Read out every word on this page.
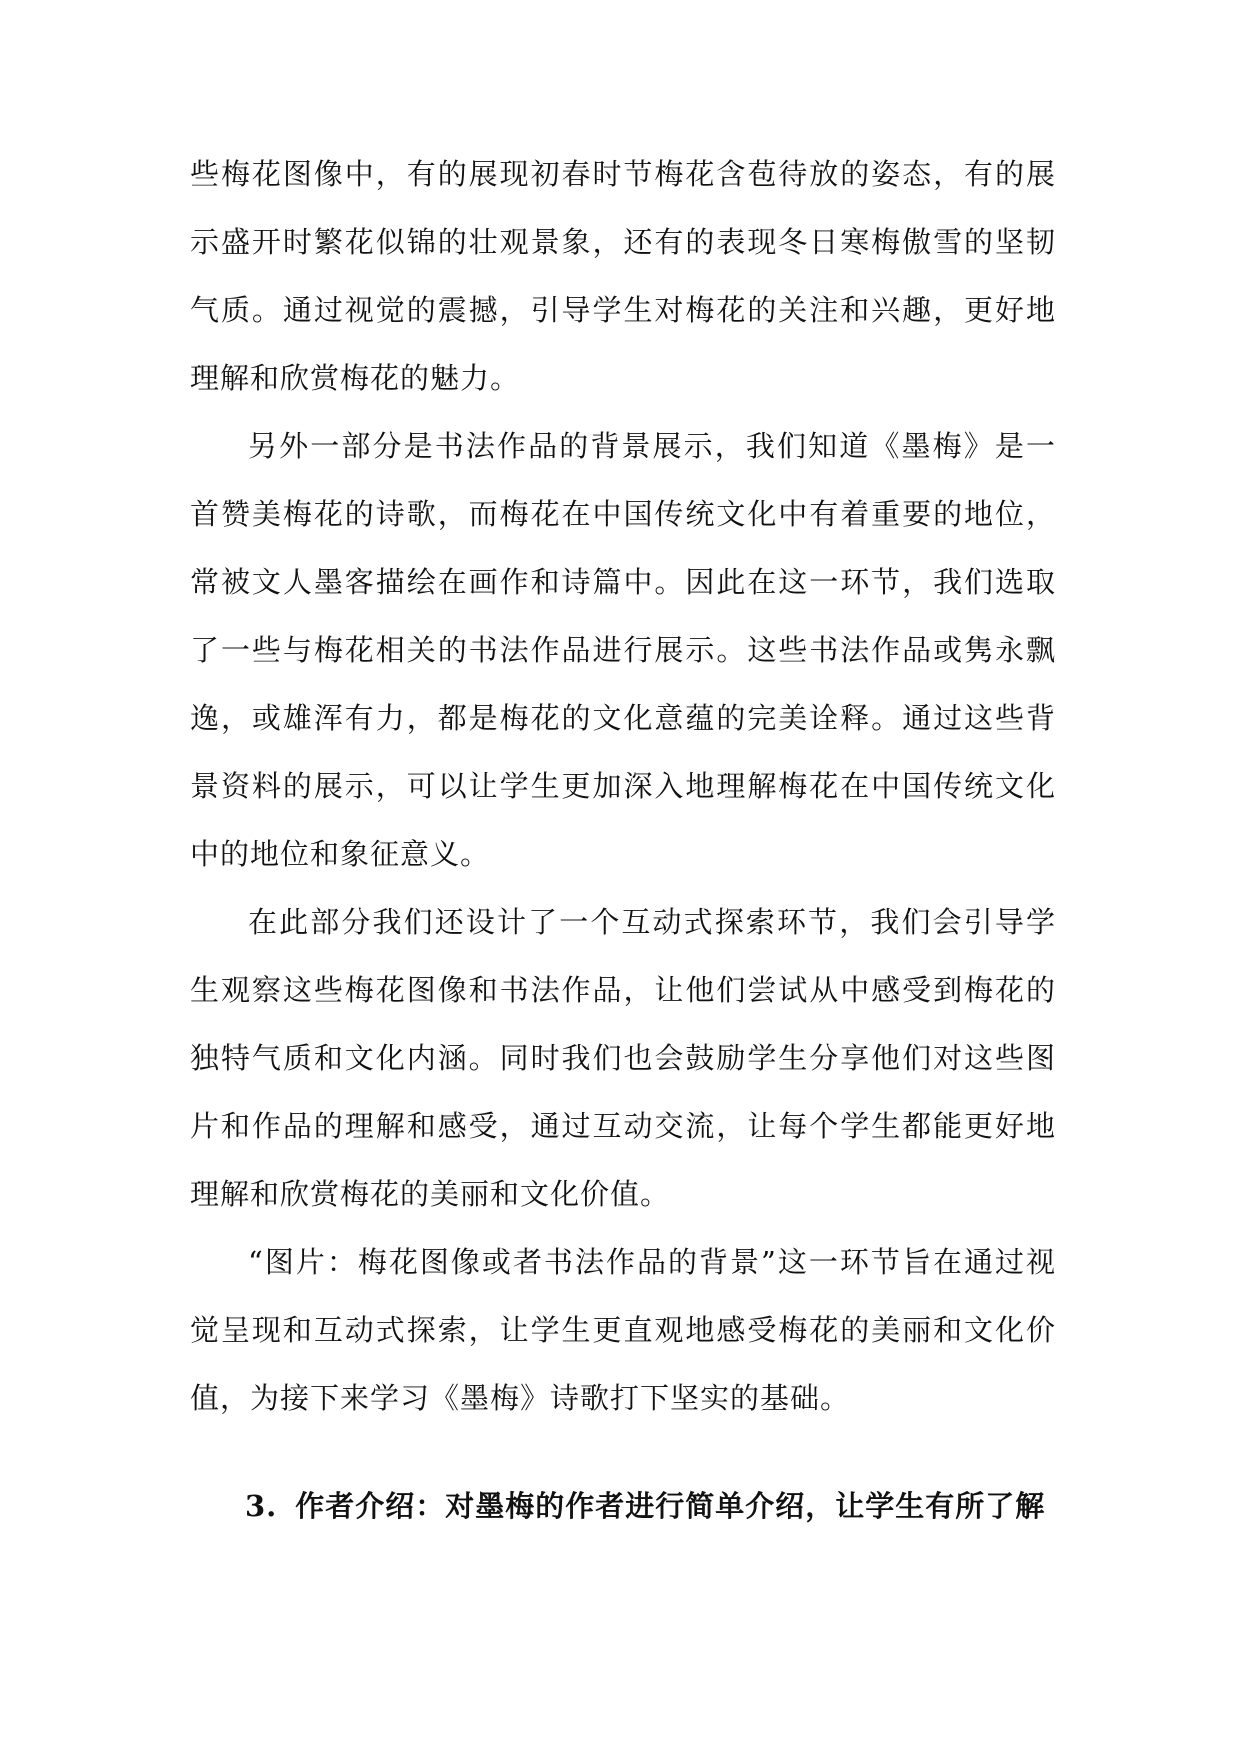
些梅花图像中，有的展现初春时节梅花含苞待放的姿态，有的展示盛开时繁花似锦的壮观景象，还有的表现冬日寒梅傲雪的坚韧气质。通过视觉的震撼，引导学生对梅花的关注和兴趣，更好地理解和欣赏梅花的魅力。

另外一部分是书法作品的背景展示，我们知道《墨梅》是一首赞美梅花的诗歌，而梅花在中国传统文化中有着重要的地位，常被文人墨客描绘在画作和诗篇中。因此在这一环节，我们选取了一些与梅花相关的书法作品进行展示。这些书法作品或隽永飘逸，或雄浑有力，都是梅花的文化意蕴的完美诠释。通过这些背景资料的展示，可以让学生更加深入地理解梅花在中国传统文化中的地位和象征意义。

在此部分我们还设计了一个互动式探索环节，我们会引导学生观察这些梅花图像和书法作品，让他们尝试从中感受到梅花的独特气质和文化内涵。同时我们也会鼓励学生分享他们对这些图片和作品的理解和感受，通过互动交流，让每个学生都能更好地理解和欣赏梅花的美丽和文化价值。

“图片：梅花图像或者书法作品的背景”这一环节旨在通过视觉呈现和互动式探索，让学生更直观地感受梅花的美丽和文化价值，为接下来学习《墨梅》诗歌打下坚实的基础。

3. 作者介绍：对墨梅的作者进行简单介绍，让学生有所了解
